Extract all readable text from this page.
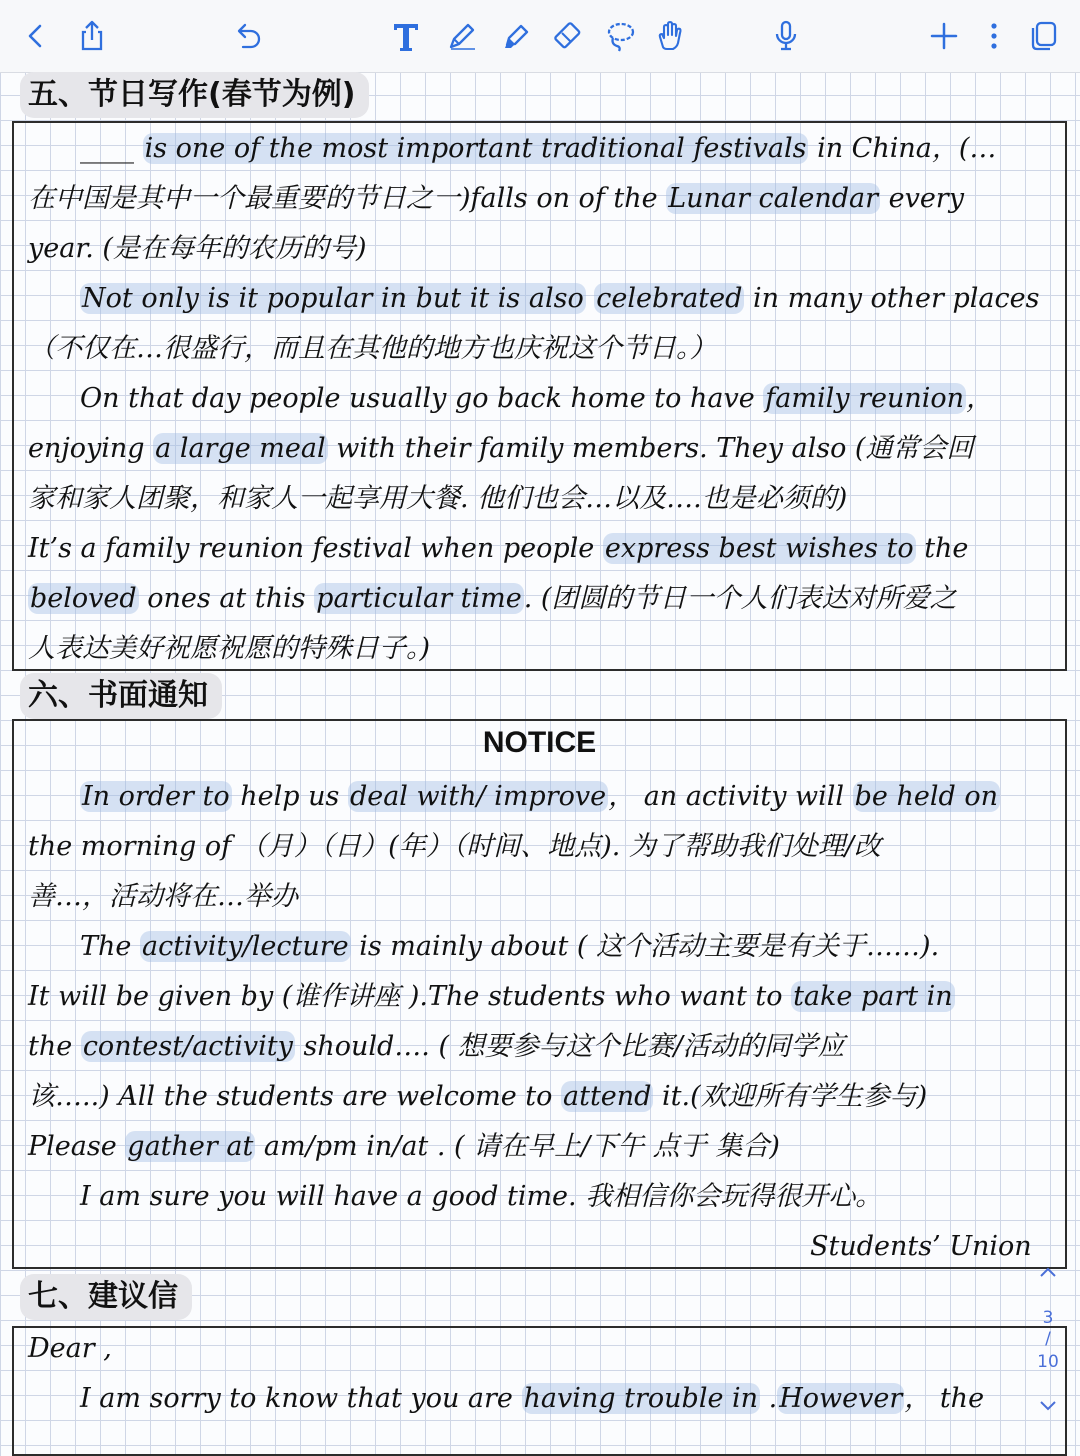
五、节日写作(春节为例)
____ is one of the most important traditional festivals in China，(…
在中国是其中一个最重要的节日之一)falls on of the Lunar calendar every
year. (是在每年的农历的号)
Not only is it popular in but it is also celebrated in many other places
（不仅在…很盛行，而且在其他的地方也庆祝这个节日。）
On that day people usually go back home to have family reunion，
enjoying a large meal with their family members. They also (通常会回
家和家人团聚，和家人一起享用大餐. 他们也会…以及….也是必须的)
It’s a family reunion festival when people express best wishes to the
beloved ones at this particular time. (团圆的节日一个人们表达对所爱之
人表达美好祝愿祝愿的特殊日子。)
六、书面通知
NOTICE
In order to help us deal with/ improve， an activity will be held on
the morning of （月）（日）(年）（时间、地点). 为了帮助我们处理/改
善…，活动将在…举办
The activity/lecture is mainly about ( 这个活动主要是有关于……).
It will be given by (谁作讲座 ).The students who want to take part in
the contest/activity should…. ( 想要参与这个比赛/活动的同学应
该…..) All the students are welcome to attend it.(欢迎所有学生参与)
Please gather at am/pm in/at . ( 请在早上/下午 点于 集合)
I am sure you will have a good time. 我相信你会玩得很开心。
Students’ Union
七、建议信
Dear ,
I am sorry to know that you are having trouble in .However， the
3
/
10
